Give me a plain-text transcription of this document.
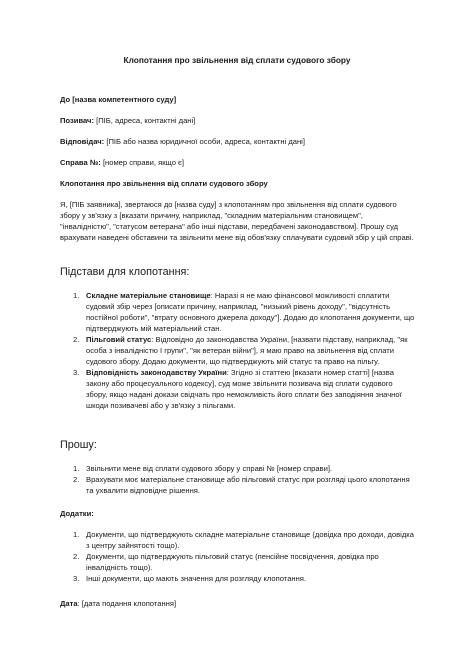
Клопотання про звільнення від сплати судового збору
До [назва компетентного суду]
Позивач: [ПІБ, адреса, контактні дані]
Відповідач: [ПІБ або назва юридичної особи, адреса, контактні дані]
Справа №: [номер справи, якщо є]
Клопотання про звільнення від сплати судового збору
Я, [ПІБ заявника], звертаюся до [назва суду] з клопотанням про звільнення від сплати судового збору у зв'язку з [вказати причину, наприклад, "складним матеріальним становищем", "інвалідністю", "статусом ветерана" або інші підстави, передбачені законодавством]. Прошу суд врахувати наведені обставини та звільнити мене від обов'язку сплачувати судовий збір у цій справі.
Підстави для клопотання:
1. Складне матеріальне становище: Наразі я не маю фінансової можливості сплатити судовий збір через [описати причину, наприклад, "низький рівень доходу", "відсутність постійної роботи", "втрату основного джерела доходу"]. Додаю до клопотання документи, що підтверджують мій матеріальний стан.
2. Пільговий статус: Відповідно до законодавства України, [назвати підставу, наприклад, "як особа з інвалідністю I групи", "як ветеран війни"], я маю право на звільнення від сплати судового збору. Додаю документи, що підтверджують мій статус та право на пільгу.
3. Відповідність законодавству України: Згідно зі статтею [вказати номер статті] [назва закону або процесуального кодексу], суд може звільнити позивача від сплати судового збору, якщо надані докази свідчать про неможливість його сплати без заподіяння значної шкоди позивачеві або у зв'язку з пільгами.
Прошу:
1. Звільнити мене від сплати судового збору у справі № [номер справи].
2. Врахувати моє матеріальне становище або пільговий статус при розгляді цього клопотання та ухвалити відповідне рішення.
Додатки:
1. Документи, що підтверджують складне матеріальне становище (довідка про доходи, довідка з центру зайнятості тощо).
2. Документи, що підтверджують пільговий статус (пенсійне посвідчення, довідка про інвалідність тощо).
3. Інші документи, що мають значення для розгляду клопотання.
Дата: [дата подання клопотання]
